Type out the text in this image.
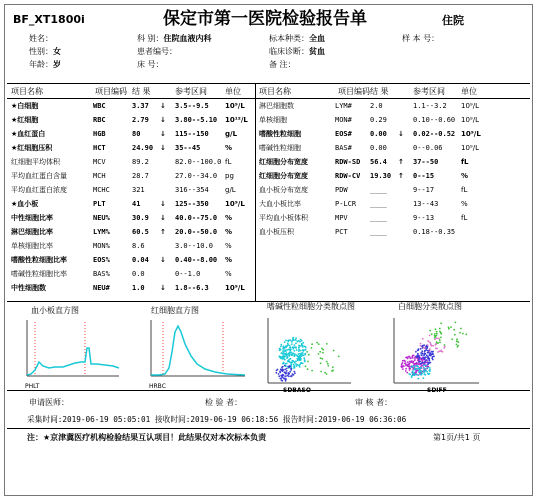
BF_XT1800i	保定市第一医院检验报告单	住院
姓名：	科 别：住院血液内科	标本种类：全血	样 本 号：
性别：女	患者编号：	临床诊断：贫血
年龄：岁	床 号：	备 注：
项目名称	项目编码 结 果	参考区间 单位 项目名称	项目编码 结 果	参考区间 单位
★白细胞	WBC	3.37 ↓ 3.5--9.5 10⁹/L
★红细胞	RBC	2.79 ↓ 3.80--5.10 10¹²/L
★血红蛋白	HGB	80	↓ 115--150 g/L
★红细胞压积	HCT	24.90 ↓ 35--45	%
红细胞平均体积	MCV	89.2	82.0--100.0 fL
平均血红蛋白含量	MCH	28.7	27.0--34.0 pg
平均血红蛋白浓度	MCHC	321	316--354 g/L
★血小板	PLT	41	↓ 125--350 10⁹/L
中性细胞比率	NEU%	30.9 ↓ 40.0--75.0 %
淋巴细胞比率	LYM%	60.5 ↑ 20.0--50.0 %
单核细胞比率	MON%	8.6	3.0--10.0 %
嗜酸性粒细胞比率	EOS%	0.04 ↓ 0.40--8.00 %
嗜碱性粒细胞比率	BAS%	0.0	0--1.0	%
中性细胞数	NEU#	1.0 ↓ 1.8--6.3 10⁹/L
淋巴细胞数	LYM#	2.0	1.1--3.2 10⁹/L
单核细胞	MON#	0.29	0.10--0.60 10⁹/L
嗜酸性粒细胞	EOS#	0.00 ↓ 0.02--0.52 10⁹/L
嗜碱性粒细胞	BAS#	0.00	0--0.06	10⁹/L
红细胞分布宽度	RDW-SD 56.4 ↑ 37--50	fL
红细胞分布宽度	RDW-CV 19.30 ↑ 0--15	%
血小板分布宽度	PDW	____	9--17	fL
大血小板比率	P-LCR ____	13--43	%
平均血小板体积	MPV	____	9--13	fL
血小板压积	PCT	____	0.18--0.35
血小板直方图	红细胞直方图	嗜碱性粒细胞分类散点图	白细胞分类散点图
PHLT	HRBC
申请医师：	检 验 者：	审 核 者：
采集时间:2019-06-19 05:05:01 接收时间:2019-06-19 06:18:56 报告时间:2019-06-19 06:36:06
注：★京津冀医疗机构检验结果互认项目！此结果仅对本次标本负责	第1页/共1 页
